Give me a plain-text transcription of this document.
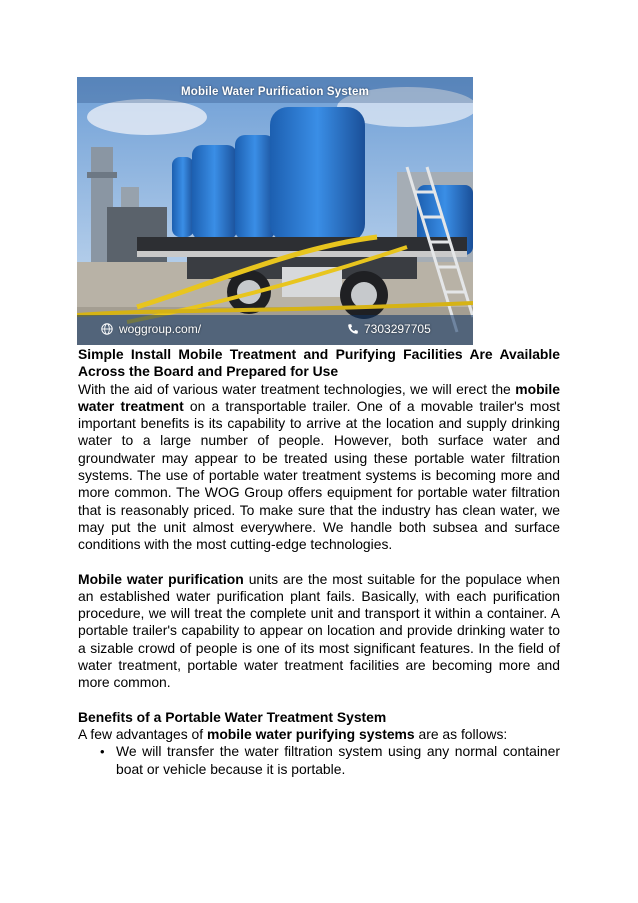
Mobile Water Purification System
woggroup.com/	7303297705

Simple Install Mobile Treatment and Purifying Facilities Are Available Across the Board and Prepared for Use

With the aid of various water treatment technologies, we will erect the mobile water treatment on a transportable trailer. One of a movable trailer's most important benefits is its capability to arrive at the location and supply drinking water to a large number of people. However, both surface water and groundwater may appear to be treated using these portable water filtration systems. The use of portable water treatment systems is becoming more and more common. The WOG Group offers equipment for portable water filtration that is reasonably priced. To make sure that the industry has clean water, we may put the unit almost everywhere. We handle both subsea and surface conditions with the most cutting-edge technologies.

Mobile water purification units are the most suitable for the populace when an established water purification plant fails. Basically, with each purification procedure, we will treat the complete unit and transport it within a container. A portable trailer's capability to appear on location and provide drinking water to a sizable crowd of people is one of its most significant features. In the field of water treatment, portable water treatment facilities are becoming more and more common.

Benefits of a Portable Water Treatment System

A few advantages of mobile water purifying systems are as follows:

• We will transfer the water filtration system using any normal container boat or vehicle because it is portable.
